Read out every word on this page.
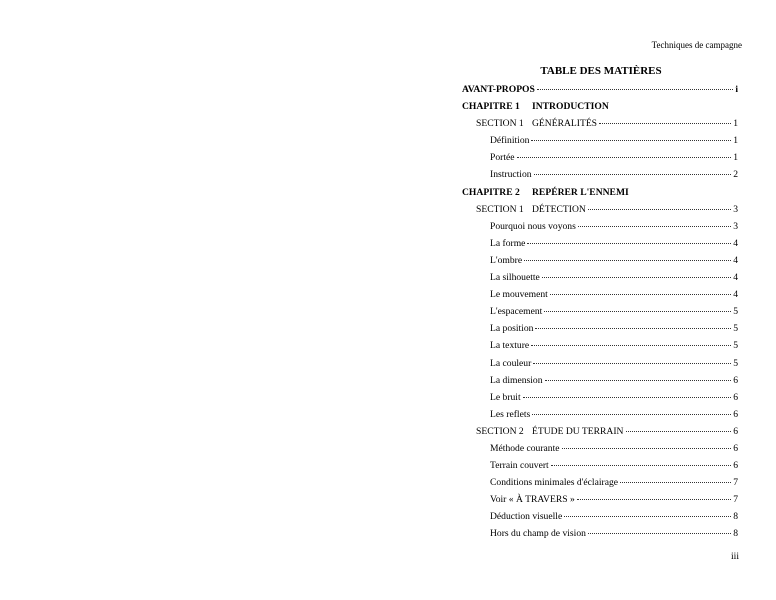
Techniques de campagne
TABLE DES MATIÈRES
AVANT-PROPOS	i
CHAPITRE 1	INTRODUCTION
SECTION 1 GÉNÉRALITÉS	1
Définition	1
Portée	1
Instruction	2
CHAPITRE 2	REPÉRER L'ENNEMI
SECTION 1 DÉTECTION	3
Pourquoi nous voyons	3
La forme	4
L'ombre	4
La silhouette	4
Le mouvement	4
L'espacement	5
La position	5
La texture	5
La couleur	5
La dimension	6
Le bruit	6
Les reflets	6
SECTION 2 ÉTUDE DU TERRAIN	6
Méthode courante	6
Terrain couvert	6
Conditions minimales d'éclairage	7
Voir « À TRAVERS »	7
Déduction visuelle	8
Hors du champ de vision	8
iii
